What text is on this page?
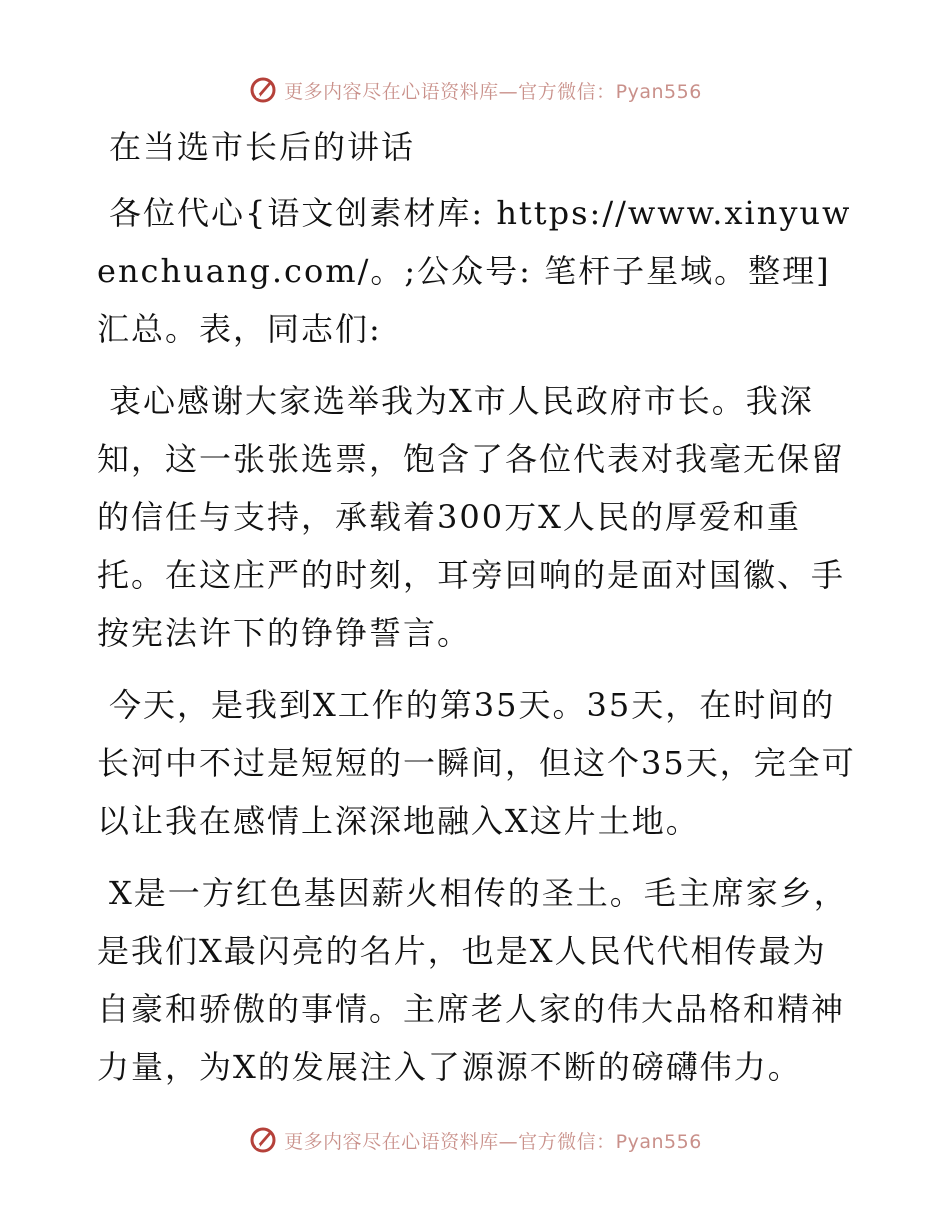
更多内容尽在心语资料库—官方微信：Pyan556
在当选市长后的讲话

各位代心{语文创素材库: https://www.xinyuwenchuang.com/。;公众号: 笔杆子星域。整理]汇总。表，同志们:

衷心感谢大家选举我为X市人民政府市长。我深知，这一张张选票，饱含了各位代表对我毫无保留的信任与支持，承载着300万X人民的厚爱和重托。在这庄严的时刻，耳旁回响的是面对国徽、手按宪法许下的铮铮誓言。

今天，是我到X工作的第35天。35天，在时间的长河中不过是短短的一瞬间，但这个35天，完全可以让我在感情上深深地融入X这片土地。

X是一方红色基因薪火相传的圣土。毛主席家乡，是我们X最闪亮的名片，也是X人民代代相传最为自豪和骄傲的事情。主席老人家的伟大品格和精神力量，为X的发展注入了源源不断的磅礴伟力。

更多内容尽在心语资料库—官方微信：Pyan556
